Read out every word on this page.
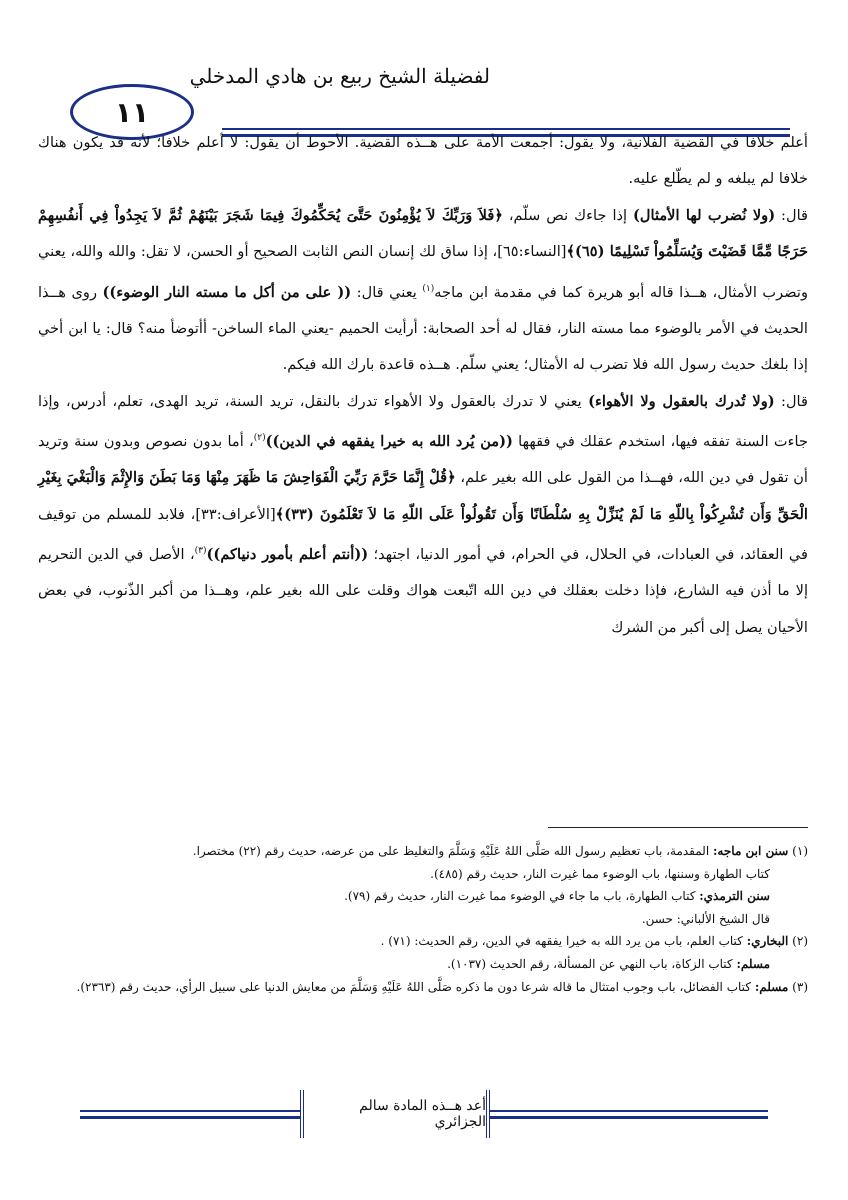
لفضيلة الشيخ ربيع بن هادي المدخلي
١١

أعلم خلافا في القضية الفلانية، ولا يقول: أجمعت الأمة على هــذه القضية. الأحوط أن يقول: لا أعلم خلافا؛ لأنه قد يكون هناك خلافا لم يبلغه و لم يطّلع عليه.

قال: (ولا نُضرب لها الأمثال) إذا جاءك نص سلّم، ﴿فَلاَ وَرَبِّكَ لاَ يُؤْمِنُونَ حَتَّىَ يُحَكِّمُوكَ فِيمَا شَجَرَ بَيْنَهُمْ ثُمَّ لاَ يَجِدُواْ فِي أَنفُسِهِمْ حَرَجًا مِّمَّا قَضَيْتَ وَيُسَلِّمُواْ تَسْلِيمًا (٦٥)﴾[النساء:٦٥]، إذا ساق لك إنسان النص الثابت الصحيح أو الحسن، لا تقل: والله والله، يعني وتضرب الأمثال، هــذا قاله أبو هريرة كما في مقدمة ابن ماجه$^{(١)}$ يعني قال: (( على من أكل ما مسته النار الوضوء)) روى هــذا الحديث في الأمر بالوضوء مما مسته النار، فقال له أحد الصحابة: أرأيت الحميم -يعني الماء الساخن- أأتوضأ منه؟ قال: يا ابن أخي إذا بلغك حديث رسول الله فلا تضرب له الأمثال؛ يعني سلّم. هــذه قاعدة بارك الله فيكم.

قال: (ولا تُدرك بالعقول ولا الأهواء) يعني لا تدرك بالعقول ولا الأهواء تدرك بالنقل، تريد السنة، تريد الهدى، تعلم، أدرس، وإذا جاءت السنة تفقه فيها، استخدم عقلك في فقهها ((من يُرد الله به خيرا يفقهه في الدين))$^{(٢)}$، أما بدون نصوص وبدون سنة وتريد أن تقول في دين الله، فهــذا من القول على الله بغير علم، ﴿قُلْ إِنَّمَا حَرَّمَ رَبِّيَ الْفَوَاحِشَ مَا ظَهَرَ مِنْهَا وَمَا بَطَنَ وَالإِثْمَ وَالْبَغْيَ بِغَيْرِ الْحَقِّ وَأَن تُشْرِكُواْ بِاللّهِ مَا لَمْ يُنَزِّلْ بِهِ سُلْطَانًا وَأَن تَقُولُواْ عَلَى اللّهِ مَا لاَ تَعْلَمُونَ (٣٣)﴾[الأعراف:٣٣]، فلابد للمسلم من توقيف في العقائد، في العبادات، في الحلال، في الحرام، في أمور الدنيا، اجتهد؛ ((أنتم أعلم بأمور دنياكم))$^{(٣)}$، الأصل في الدين التحريم إلا ما أذن فيه الشارع، فإذا دخلت بعقلك في دين الله اتّبعت هواك وقلت على الله بغير علم، وهــذا من أكبر الذّنوب، في بعض الأحيان يصل إلى أكبر من الشرك

(١) سنن ابن ماجه: المقدمة، باب تعظيم رسول الله صَلَّى اللهُ عَلَيْهِ وَسَلَّمَ والتغليظ على من عرضه، حديث رقم (٢٢) مختصرا.

كتاب الطهارة وسننها، باب الوضوء مما غيرت النار، حديث رقم (٤٨٥).

سنن الترمذي: كتاب الطهارة، باب ما جاء في الوضوء مما غيرت النار، حديث رقم (٧٩).

قال الشيخ الألباني: حسن.

(٢) البخاري: كتاب العلم، باب من يرد الله به خيرا يفقهه في الدين، رقم الحديث: (٧١) .

مسلم: كتاب الزكاة، باب النهي عن المسألة، رقم الحديث (١٠٣٧).

(٣) مسلم: كتاب الفضائل، باب وجوب امتثال ما قاله شرعا دون ما ذكره صَلَّى اللهُ عَلَيْهِ وَسَلَّمَ من معايش الدنيا على سبيل الرأي، حديث رقم (٢٣٦٣).

أعد هــذه المادة سالم الجزائري
